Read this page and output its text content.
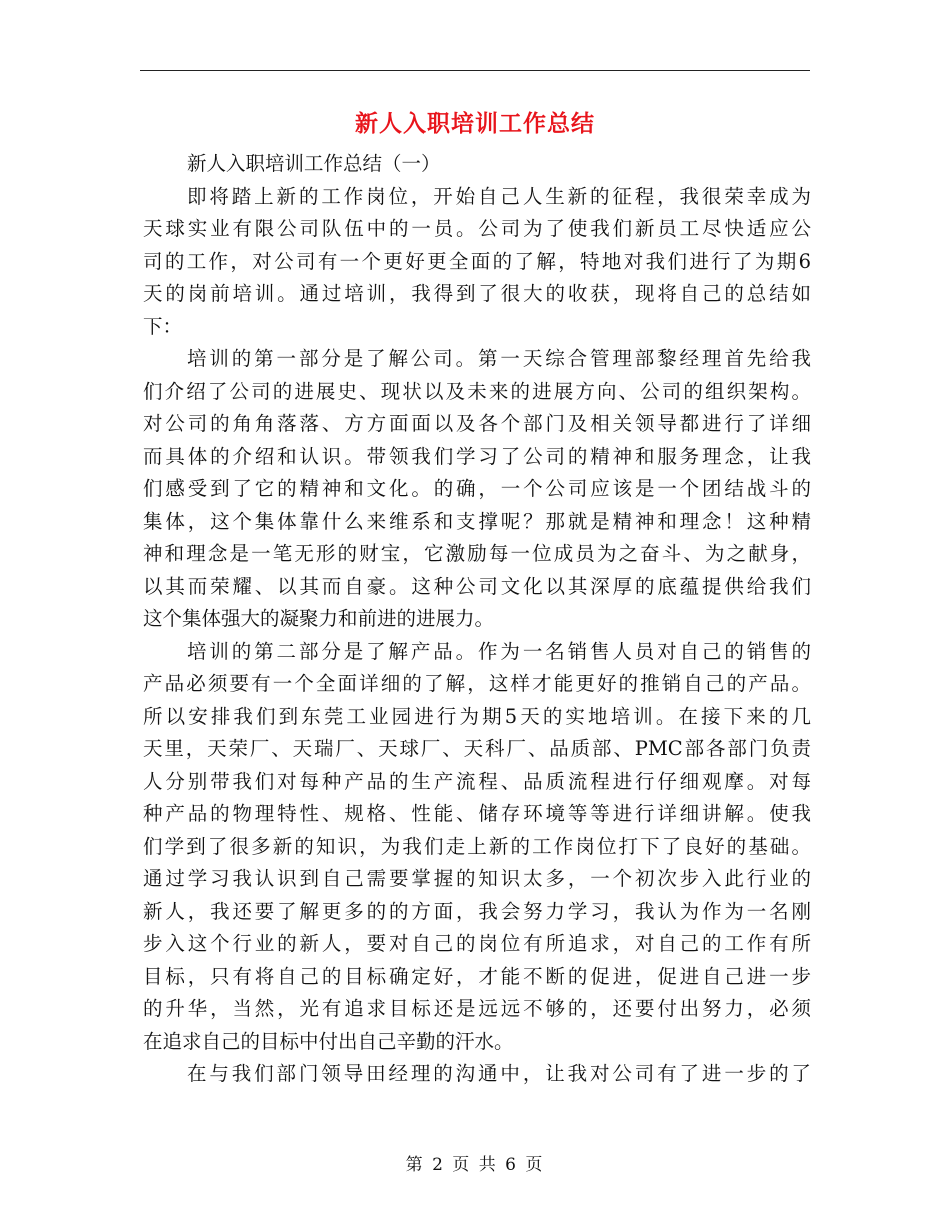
新人入职培训工作总结
新人入职培训工作总结（一）
即将踏上新的工作岗位，开始自己人生新的征程，我很荣幸成为
天球实业有限公司队伍中的一员。公司为了使我们新员工尽快适应公
司的工作，对公司有一个更好更全面的了解，特地对我们进行了为期6
天的岗前培训。通过培训，我得到了很大的收获，现将自己的总结如
下：
培训的第一部分是了解公司。第一天综合管理部黎经理首先给我
们介绍了公司的进展史、现状以及未来的进展方向、公司的组织架构。
对公司的角角落落、方方面面以及各个部门及相关领导都进行了详细
而具体的介绍和认识。带领我们学习了公司的精神和服务理念，让我
们感受到了它的精神和文化。的确，一个公司应该是一个团结战斗的
集体，这个集体靠什么来维系和支撑呢？那就是精神和理念！这种精
神和理念是一笔无形的财宝，它激励每一位成员为之奋斗、为之献身，
以其而荣耀、以其而自豪。这种公司文化以其深厚的底蕴提供给我们
这个集体强大的凝聚力和前进的进展力。
培训的第二部分是了解产品。作为一名销售人员对自己的销售的
产品必须要有一个全面详细的了解，这样才能更好的推销自己的产品。
所以安排我们到东莞工业园进行为期5天的实地培训。在接下来的几
天里，天荣厂、天瑞厂、天球厂、天科厂、品质部、PMC部各部门负责
人分别带我们对每种产品的生产流程、品质流程进行仔细观摩。对每
种产品的物理特性、规格、性能、储存环境等等进行详细讲解。使我
们学到了很多新的知识，为我们走上新的工作岗位打下了良好的基础。
通过学习我认识到自己需要掌握的知识太多，一个初次步入此行业的
新人，我还要了解更多的的方面，我会努力学习，我认为作为一名刚
步入这个行业的新人，要对自己的岗位有所追求，对自己的工作有所
目标，只有将自己的目标确定好，才能不断的促进，促进自己进一步
的升华，当然，光有追求目标还是远远不够的，还要付出努力，必须
在追求自己的目标中付出自己辛勤的汗水。
在与我们部门领导田经理的沟通中，让我对公司有了进一步的了
第 2 页 共 6 页
